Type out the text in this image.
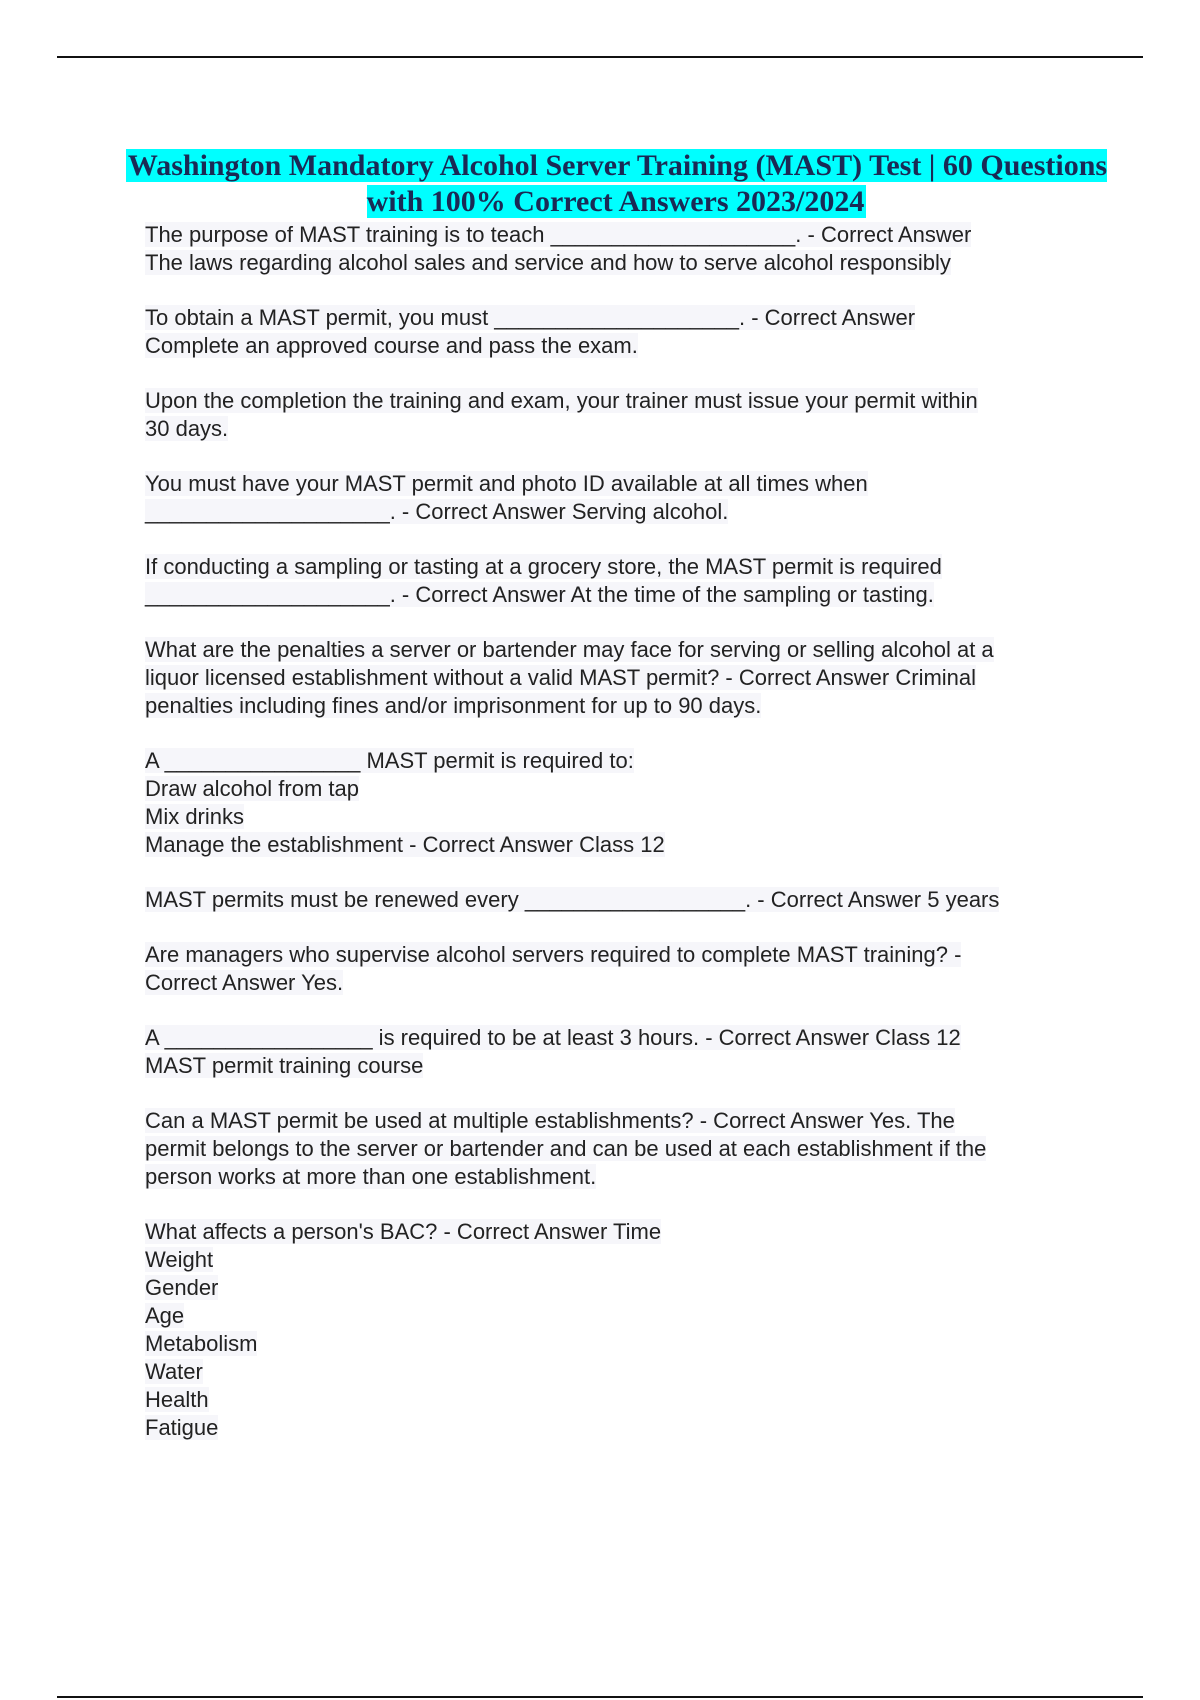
Washington Mandatory Alcohol Server Training (MAST) Test | 60 Questions with 100% Correct Answers 2023/2024
The purpose of MAST training is to teach ____________________. - Correct Answer
The laws regarding alcohol sales and service and how to serve alcohol responsibly
To obtain a MAST permit, you must ____________________. - Correct Answer
Complete an approved course and pass the exam.
Upon the completion the training and exam, your trainer must issue your permit within
30 days.
You must have your MAST permit and photo ID available at all times when
____________________. - Correct Answer Serving alcohol.
If conducting a sampling or tasting at a grocery store, the MAST permit is required
____________________. - Correct Answer At the time of the sampling or tasting.
What are the penalties a server or bartender may face for serving or selling alcohol at a
liquor licensed establishment without a valid MAST permit? - Correct Answer Criminal
penalties including fines and/or imprisonment for up to 90 days.
A ________________ MAST permit is required to:
Draw alcohol from tap
Mix drinks
Manage the establishment - Correct Answer Class 12
MAST permits must be renewed every __________________. - Correct Answer 5 years
Are managers who supervise alcohol servers required to complete MAST training? -
Correct Answer Yes.
A _________________ is required to be at least 3 hours. - Correct Answer Class 12
MAST permit training course
Can a MAST permit be used at multiple establishments? - Correct Answer Yes. The
permit belongs to the server or bartender and can be used at each establishment if the
person works at more than one establishment.
What affects a person's BAC? - Correct Answer Time
Weight
Gender
Age
Metabolism
Water
Health
Fatigue
